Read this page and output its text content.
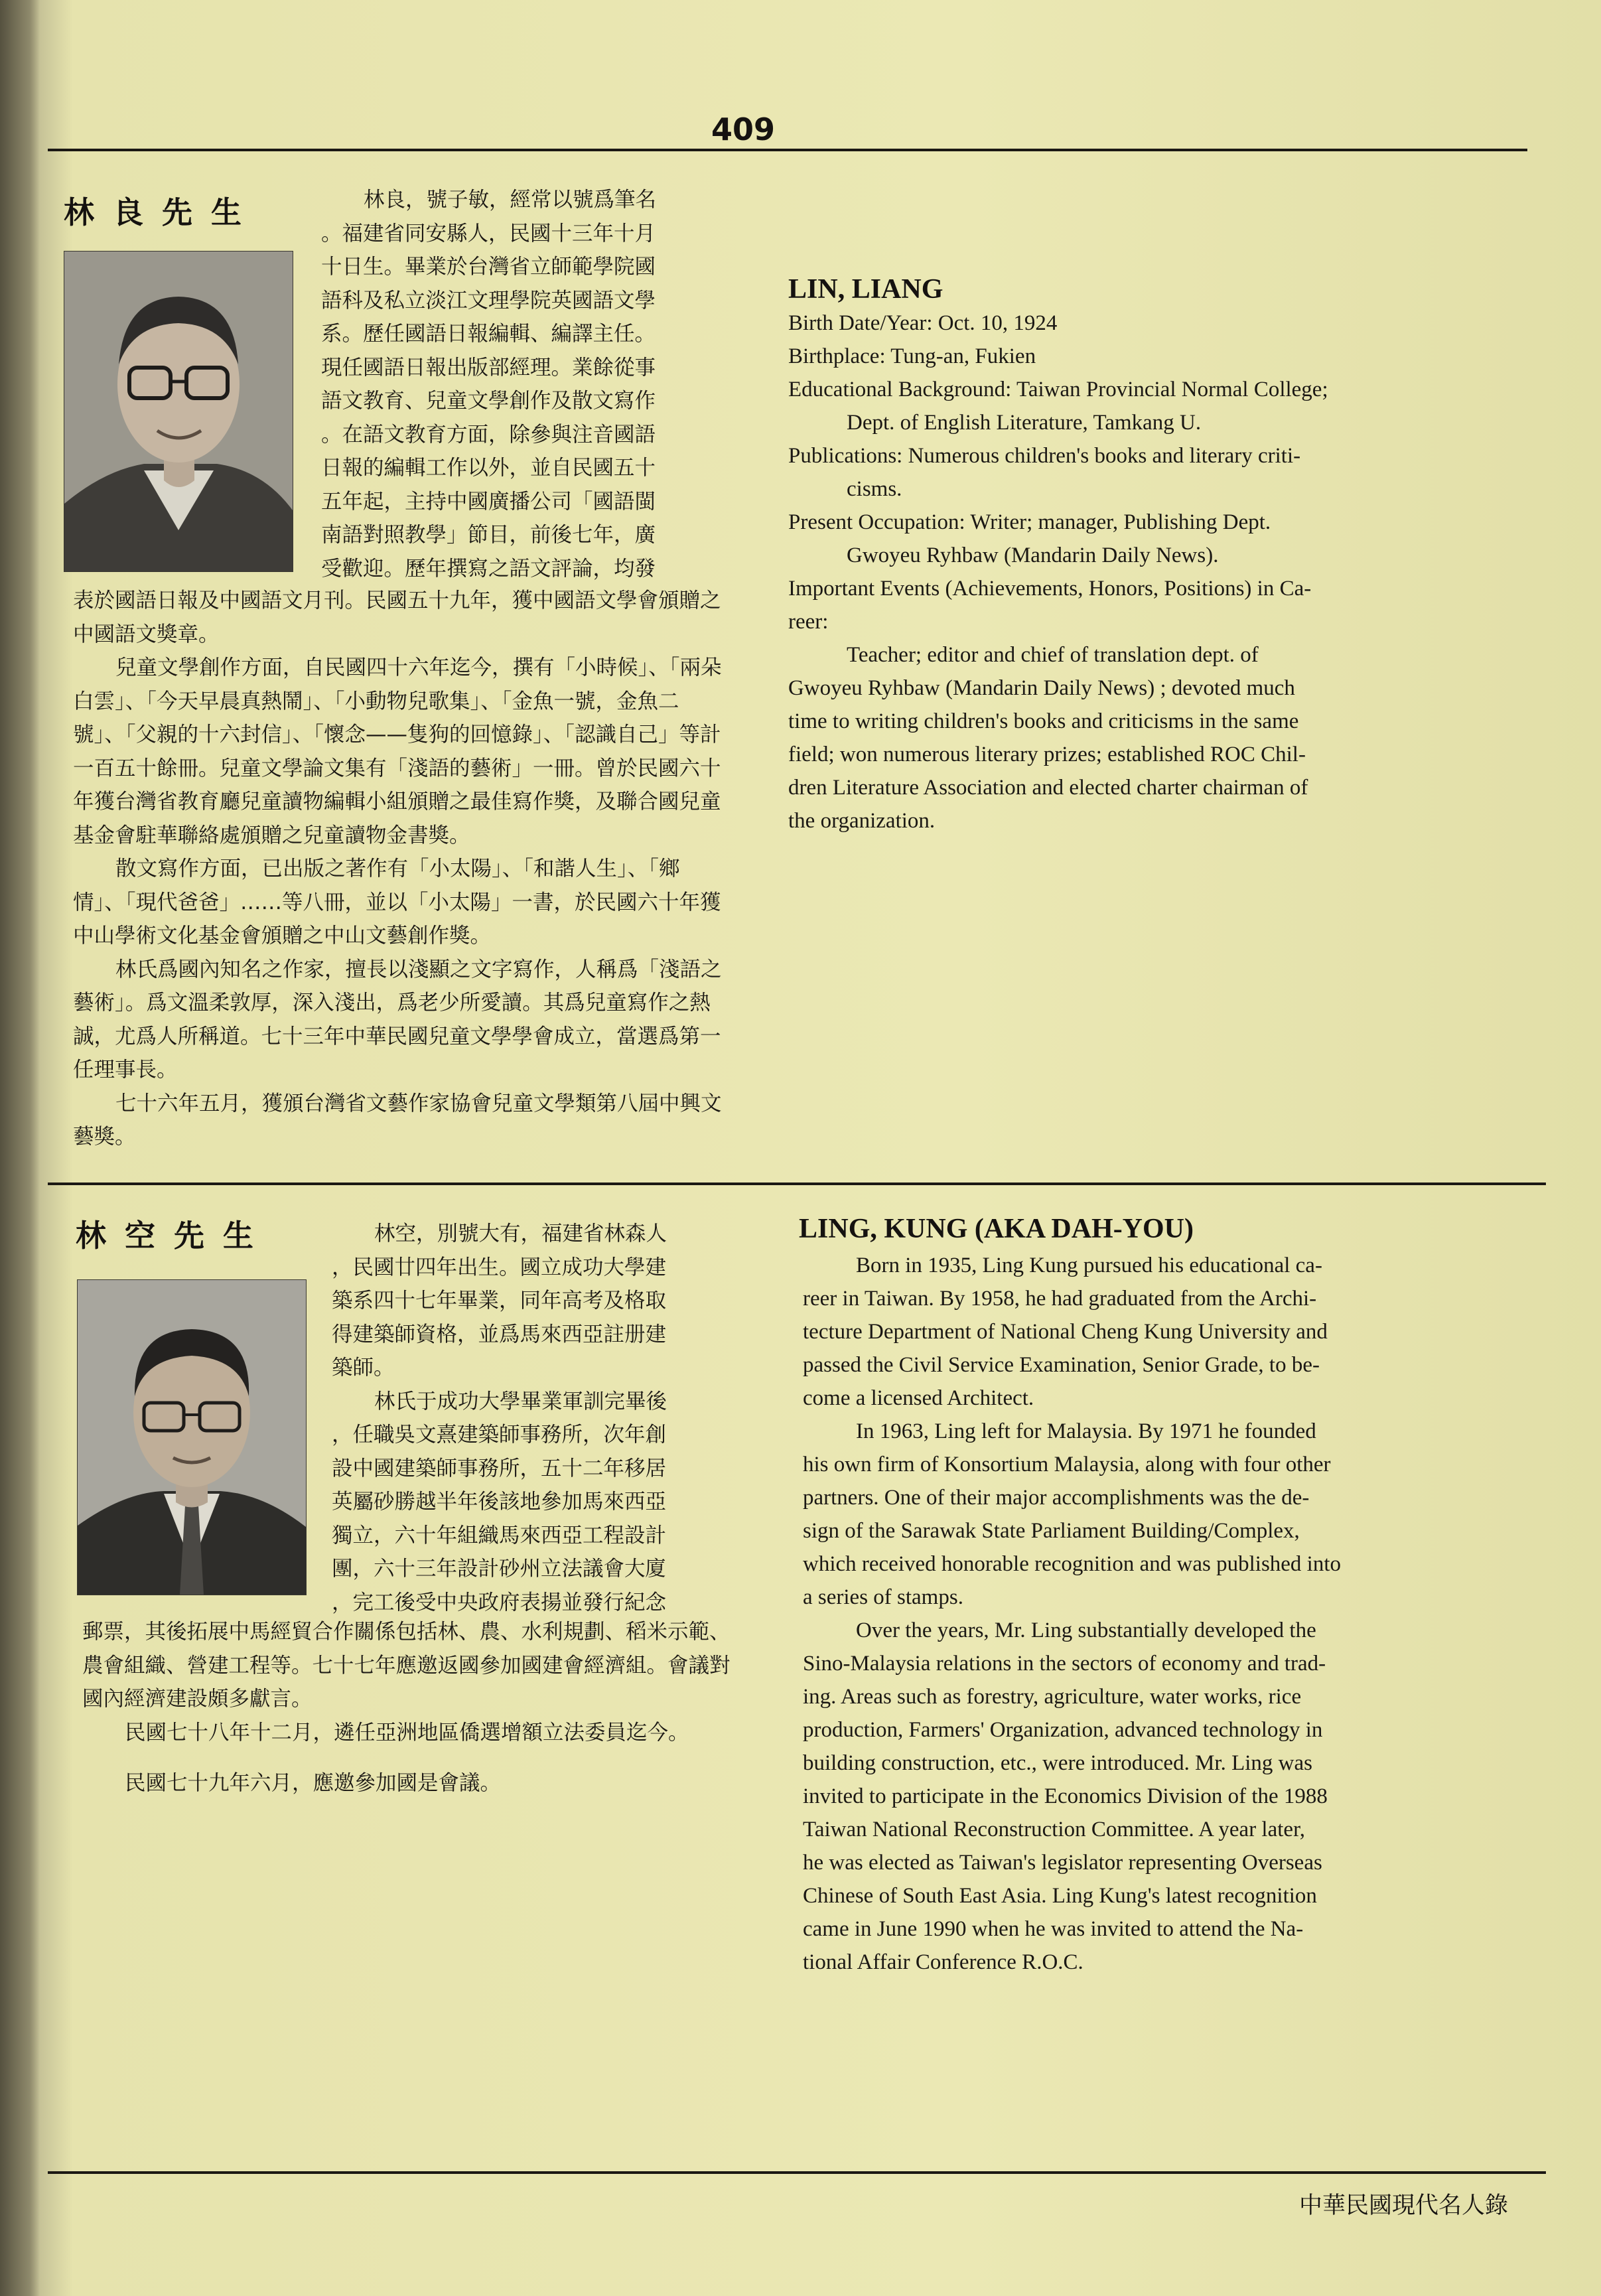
409
林良先生	林良，號子敏，經常以號爲筆名
。福建省同安縣人，民國十三年十月
十日生。畢業於台灣省立師範學院國
語科及私立淡江文理學院英國語文學
系。歷任國語日報編輯、編譯主任。
現任國語日報出版部經理。業餘從事
語文教育、兒童文學創作及散文寫作
。在語文教育方面，除參與注音國語
日報的編輯工作以外，並自民國五十
五年起，主持中國廣播公司「國語閩
南語對照教學」節目，前後七年，廣
受歡迎。歷年撰寫之語文評論，均發

表於國語日報及中國語文月刊。民國五十九年，獲中國語文學會頒贈之中國語文獎章。

兒童文學創作方面，自民國四十六年迄今，撰有「小時候」、「兩朵白雲」、「今天早晨真熱鬧」、「小動物兒歌集」、「金魚一號，金魚二號」、「父親的十六封信」、「懷念——隻狗的回憶錄」、「認識自己」等計一百五十餘冊。兒童文學論文集有「淺語的藝術」一冊。曾於民國六十年獲台灣省教育廳兒童讀物編輯小組頒贈之最佳寫作獎，及聯合國兒童基金會駐華聯絡處頒贈之兒童讀物金書獎。

散文寫作方面，已出版之著作有「小太陽」、「和諧人生」、「鄉情」、「現代爸爸」……等八冊，並以「小太陽」一書，於民國六十年獲中山學術文化基金會頒贈之中山文藝創作獎。

林氏爲國內知名之作家，擅長以淺顯之文字寫作，人稱爲「淺語之藝術」。爲文溫柔敦厚，深入淺出，爲老少所愛讀。其爲兒童寫作之熱誠，尤爲人所稱道。七十三年中華民國兒童文學學會成立，當選爲第一任理事長。

七十六年五月，獲頒台灣省文藝作家協會兒童文學類第八屆中興文藝獎。

LIN, LIANG
Birth Date/Year: Oct. 10, 1924
Birthplace: Tung-an, Fukien
Educational Background: Taiwan Provincial Normal College;
Dept. of English Literature, Tamkang U.
Publications: Numerous children's books and literary criti-
cisms.
Present Occupation: Writer; manager, Publishing Dept.
Gwoyeu Ryhbaw (Mandarin Daily News).
Important Events (Achievements, Honors, Positions) in Ca-
reer:
Teacher; editor and chief of translation dept. of
Gwoyeu Ryhbaw (Mandarin Daily News) ; devoted much
time to writing children's books and criticisms in the same
field; won numerous literary prizes; established ROC Chil-
dren Literature Association and elected charter chairman of
the organization.
林空先生	林空，別號大有，福建省林森人
，民國廿四年出生。國立成功大學建
築系四十七年畢業，同年高考及格取
得建築師資格，並爲馬來西亞註册建
築師。
林氏于成功大學畢業軍訓完畢後
，任職吳文熹建築師事務所，次年創
設中國建築師事務所，五十二年移居
英屬砂勝越半年後該地參加馬來西亞
獨立，六十年組織馬來西亞工程設計
團，六十三年設計砂州立法議會大廈
，完工後受中央政府表揚並發行紀念

郵票，其後拓展中馬經貿合作關係包括林、農、水利規劃、稻米示範、農會組織、營建工程等。七十七年應邀返國參加國建會經濟組。會議對國內經濟建設頗多獻言。

民國七十八年十二月，遴任亞洲地區僑選增額立法委員迄今。

民國七十九年六月，應邀參加國是會議。

LING, KUNG (AKA DAH-YOU)
Born in 1935, Ling Kung pursued his educational ca-
reer in Taiwan. By 1958, he had graduated from the Archi-
tecture Department of National Cheng Kung University and
passed the Civil Service Examination, Senior Grade, to be-
come a licensed Architect.
In 1963, Ling left for Malaysia. By 1971 he founded
his own firm of Konsortium Malaysia, along with four other
partners. One of their major accomplishments was the de-
sign of the Sarawak State Parliament Building/Complex,
which received honorable recognition and was published into
a series of stamps.
Over the years, Mr. Ling substantially developed the
Sino-Malaysia relations in the sectors of economy and trad-
ing. Areas such as forestry, agriculture, water works, rice
production, Farmers' Organization, advanced technology in
building construction, etc., were introduced. Mr. Ling was
invited to participate in the Economics Division of the 1988
Taiwan National Reconstruction Committee. A year later,
he was elected as Taiwan's legislator representing Overseas
Chinese of South East Asia. Ling Kung's latest recognition
came in June 1990 when he was invited to attend the Na-
tional Affair Conference R.O.C.
中華民國現代名人錄
